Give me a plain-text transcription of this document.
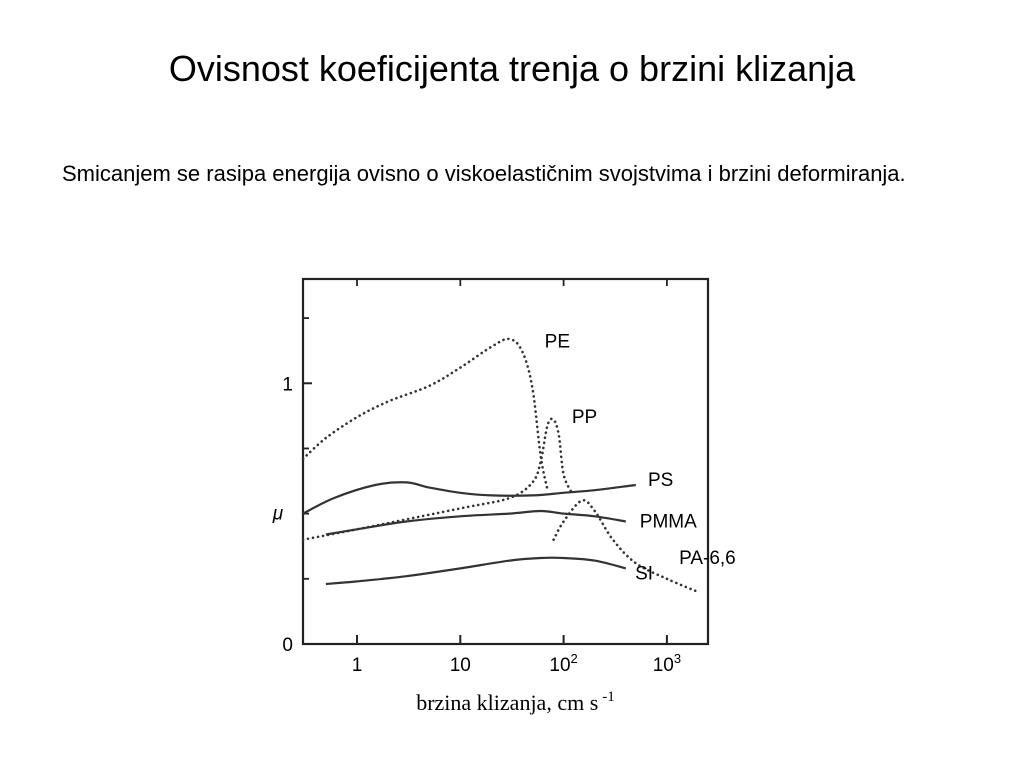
Ovisnost koeficijenta trenja o brzini klizanja
Smicanjem se rasipa energija ovisno o viskoelastičnim svojstvima i brzini deformiranja.
0
1
μ
1	10	$10^2$	$10^3$
brzina klizanja, cm s $^{-1}$
PE
PP
PS
PMMA
PA-6,6
SI
